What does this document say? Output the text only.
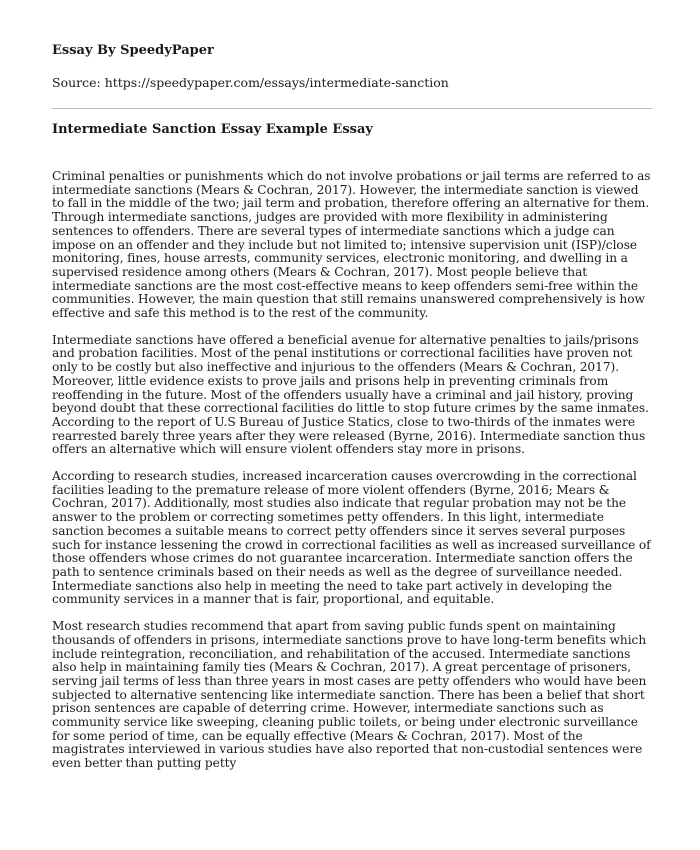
Essay By SpeedyPaper
Source: https://speedypaper.com/essays/intermediate-sanction
Intermediate Sanction Essay Example Essay

Criminal penalties or punishments which do not involve probations or jail terms are referred to as intermediate sanctions (Mears & Cochran, 2017). However, the intermediate sanction is viewed to fall in the middle of the two; jail term and probation, therefore offering an alternative for them. Through intermediate sanctions, judges are provided with more flexibility in administering sentences to offenders. There are several types of intermediate sanctions which a judge can impose on an offender and they include but not limited to; intensive supervision unit (ISP)/close monitoring, fines, house arrests, community services, electronic monitoring, and dwelling in a supervised residence among others (Mears & Cochran, 2017). Most people believe that intermediate sanctions are the most cost-effective means to keep offenders semi-free within the communities. However, the main question that still remains unanswered comprehensively is how effective and safe this method is to the rest of the community.

Intermediate sanctions have offered a beneficial avenue for alternative penalties to jails/prisons and probation facilities. Most of the penal institutions or correctional facilities have proven not only to be costly but also ineffective and injurious to the offenders (Mears & Cochran, 2017). Moreover, little evidence exists to prove jails and prisons help in preventing criminals from reoffending in the future. Most of the offenders usually have a criminal and jail history, proving beyond doubt that these correctional facilities do little to stop future crimes by the same inmates. According to the report of U.S Bureau of Justice Statics, close to two-thirds of the inmates were rearrested barely three years after they were released (Byrne, 2016). Intermediate sanction thus offers an alternative which will ensure violent offenders stay more in prisons.

According to research studies, increased incarceration causes overcrowding in the correctional facilities leading to the premature release of more violent offenders (Byrne, 2016; Mears & Cochran, 2017). Additionally, most studies also indicate that regular probation may not be the answer to the problem or correcting sometimes petty offenders. In this light, intermediate sanction becomes a suitable means to correct petty offenders since it serves several purposes such for instance lessening the crowd in correctional facilities as well as increased surveillance of those offenders whose crimes do not guarantee incarceration. Intermediate sanction offers the path to sentence criminals based on their needs as well as the degree of surveillance needed. Intermediate sanctions also help in meeting the need to take part actively in developing the community services in a manner that is fair, proportional, and equitable.

Most research studies recommend that apart from saving public funds spent on maintaining thousands of offenders in prisons, intermediate sanctions prove to have long-term benefits which include reintegration, reconciliation, and rehabilitation of the accused. Intermediate sanctions also help in maintaining family ties (Mears & Cochran, 2017). A great percentage of prisoners, serving jail terms of less than three years in most cases are petty offenders who would have been subjected to alternative sentencing like intermediate sanction. There has been a belief that short prison sentences are capable of deterring crime. However, intermediate sanctions such as community service like sweeping, cleaning public toilets, or being under electronic surveillance for some period of time, can be equally effective (Mears & Cochran, 2017). Most of the magistrates interviewed in various studies have also reported that non-custodial sentences were even better than putting petty
